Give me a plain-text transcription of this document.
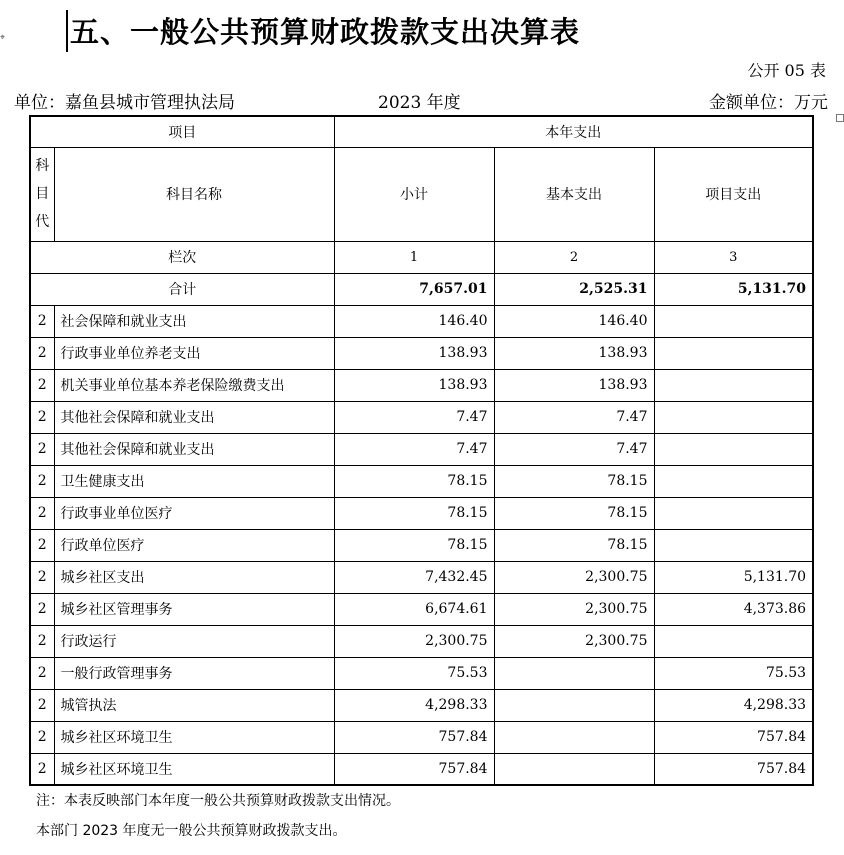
⌖ 五、一般公共预算财政拨款支出决算表
公开 05 表
单位：嘉鱼县城市管理执法局	2023 年度	金额单位：万元
项目		本年支出		

科
目
代	科目名称	小计	基本支出	项目支出
栏次		1	2	3
合计		7,657.01	2,525.31	5,131.70
2	社会保障和就业支出	146.40	146.40	
2	行政事业单位养老支出	138.93	138.93	
2	机关事业单位基本养老保险缴费支出	138.93	138.93	
2	其他社会保障和就业支出	7.47	7.47	
2	其他社会保障和就业支出	7.47	7.47	
2	卫生健康支出	78.15	78.15	
2	行政事业单位医疗	78.15	78.15	
2	行政单位医疗	78.15	78.15	
2	城乡社区支出	7,432.45	2,300.75	5,131.70
2	城乡社区管理事务	6,674.61	2,300.75	4,373.86
2	行政运行	2,300.75	2,300.75	
2	一般行政管理事务	75.53		75.53
2	城管执法	4,298.33		4,298.33
2	城乡社区环境卫生	757.84		757.84
2	城乡社区环境卫生	757.84		757.84
注：本表反映部门本年度一般公共预算财政拨款支出情况。
本部门 2023 年度无一般公共预算财政拨款支出。
